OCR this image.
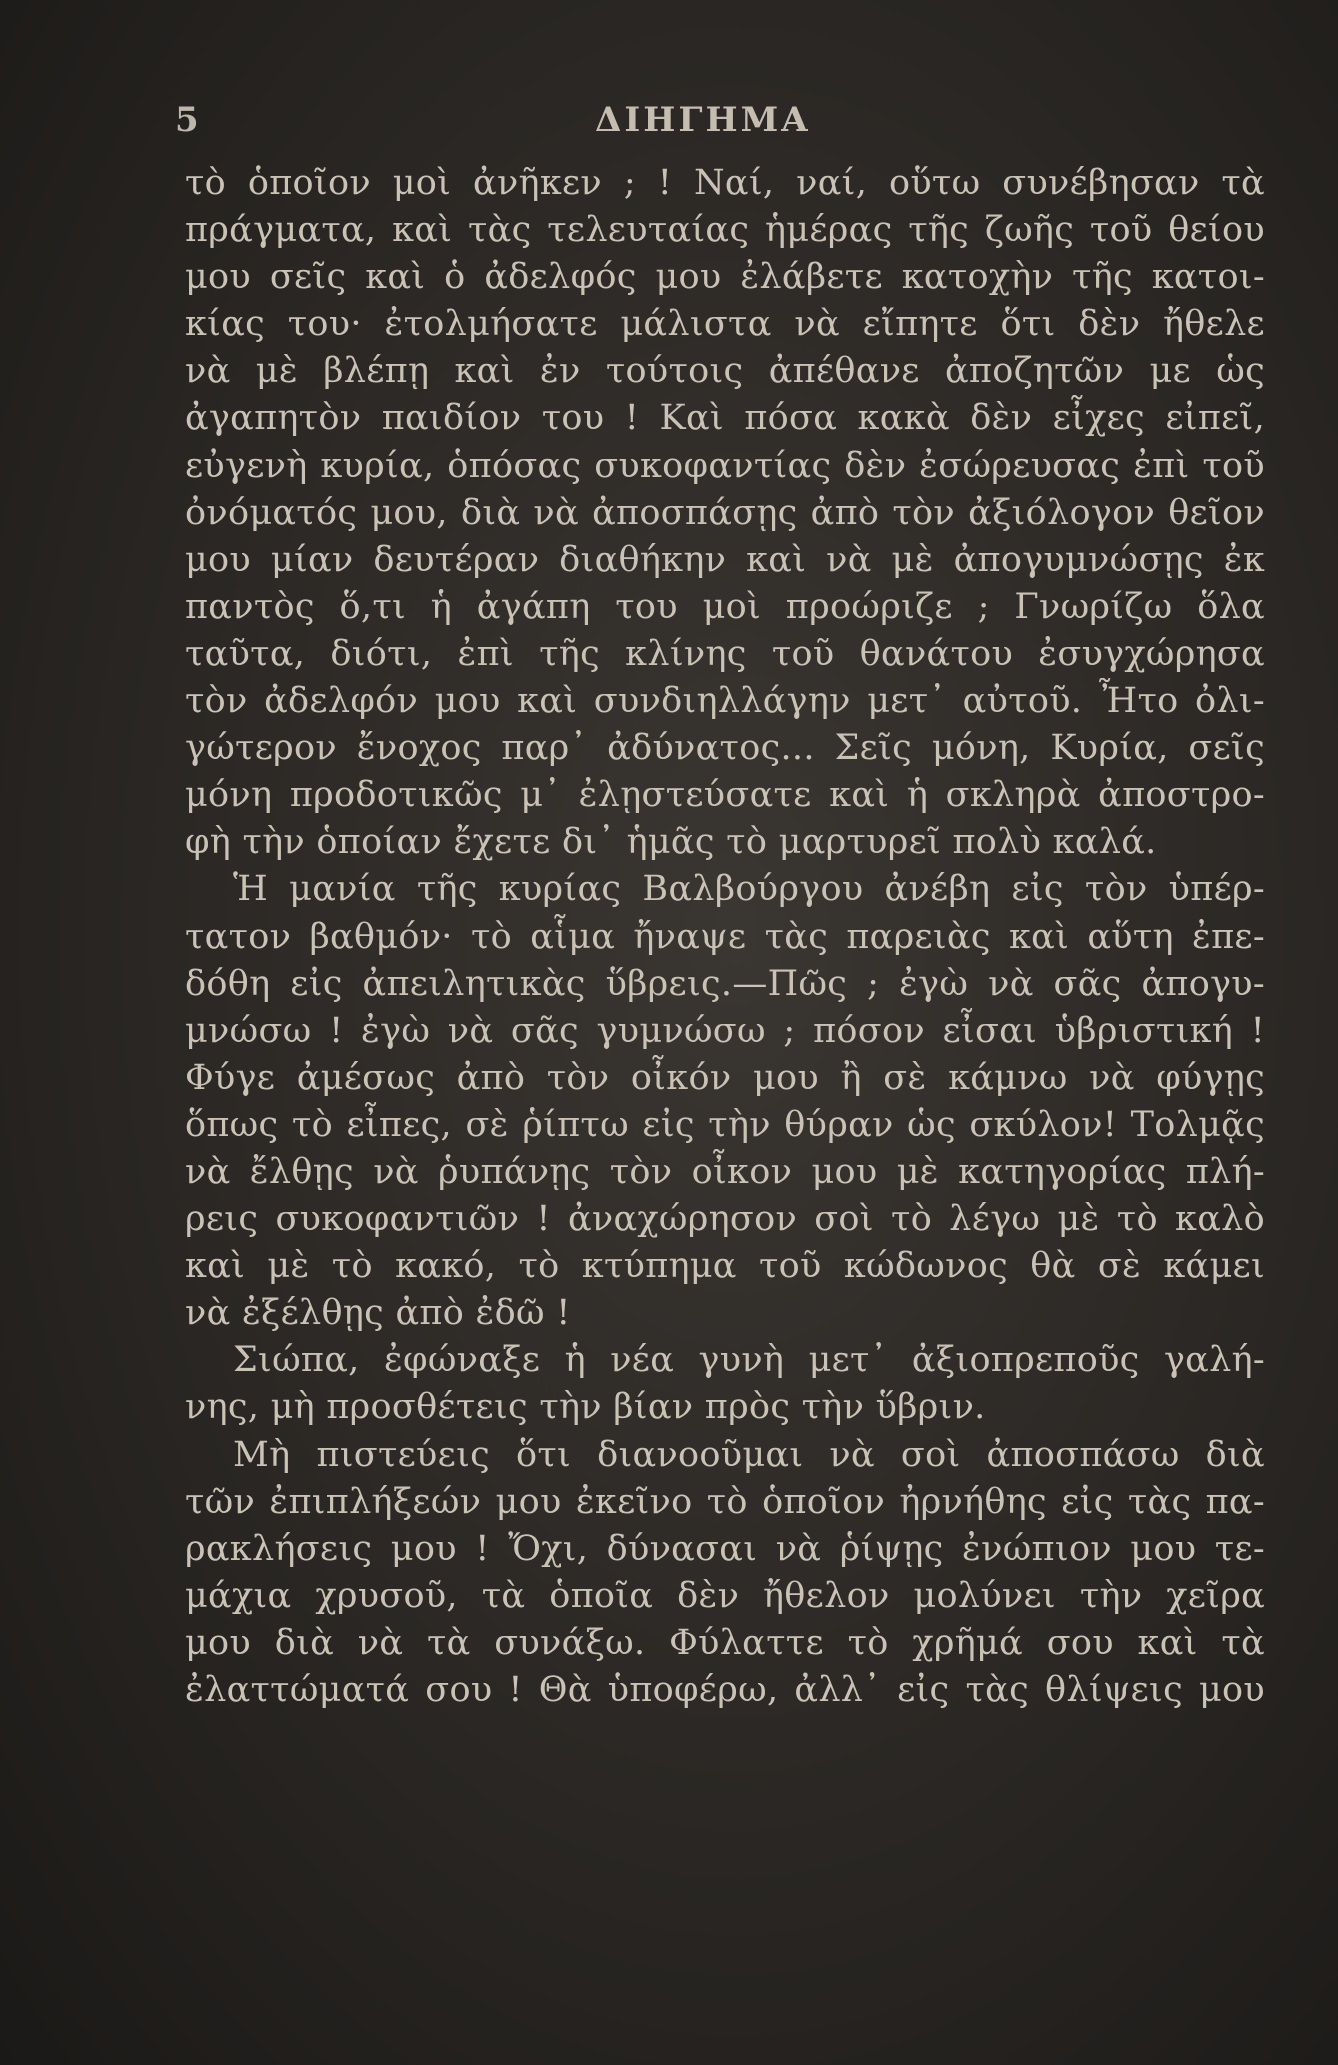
5	ΔΙΗΓΗΜΑ
τὸ ὁποῖον μοὶ ἀνῆκεν ; ! Ναί, ναί, οὕτω συνέβησαν τὰ
πράγματα, καὶ τὰς τελευταίας ἡμέρας τῆς ζωῆς τοῦ θείου
μου σεῖς καὶ ὁ ἀδελφός μου ἐλάβετε κατοχὴν τῆς κατοι-
κίας του· ἐτολμήσατε μάλιστα νὰ εἴπητε ὅτι δὲν ἤθελε
νὰ μὲ βλέπῃ καὶ ἐν τούτοις ἀπέθανε ἀποζητῶν με ὡς
ἀγαπητὸν παιδίον του ! Καὶ πόσα κακὰ δὲν εἶχες εἰπεῖ,
εὐγενὴ κυρία, ὁπόσας συκοφαντίας δὲν ἐσώρευσας ἐπὶ τοῦ
ὀνόματός μου, διὰ νὰ ἀποσπάσῃς ἀπὸ τὸν ἀξιόλογον θεῖον
μου μίαν δευτέραν διαθήκην καὶ νὰ μὲ ἀπογυμνώσῃς ἐκ
παντὸς ὅ,τι ἡ ἀγάπη του μοὶ προώριζε ; Γνωρίζω ὅλα
ταῦτα, διότι, ἐπὶ τῆς κλίνης τοῦ θανάτου ἐσυγχώρησα
τὸν ἀδελφόν μου καὶ συνδιηλλάγην μετ᾽ αὐτοῦ. Ἦτο ὀλι-
γώτερον ἔνοχος παρ᾽ ἀδύνατος... Σεῖς μόνη, Κυρία, σεῖς
μόνη προδοτικῶς μ᾽ ἐλῃστεύσατε καὶ ἡ σκληρὰ ἀποστρο-
φὴ τὴν ὁποίαν ἔχετε δι᾽ ἡμᾶς τὸ μαρτυρεῖ πολὺ καλά.
Ἡ μανία τῆς κυρίας Βαλβούργου ἀνέβη εἰς τὸν ὑπέρ-
τατον βαθμόν· τὸ αἷμα ἤναψε τὰς παρειὰς καὶ αὕτη ἐπε-
δόθη εἰς ἀπειλητικὰς ὕβρεις.—Πῶς ; ἐγὼ νὰ σᾶς ἀπογυ-
μνώσω ! ἐγὼ νὰ σᾶς γυμνώσω ; πόσον εἶσαι ὑβριστική !
Φύγε ἀμέσως ἀπὸ τὸν οἶκόν μου ἢ σὲ κάμνω νὰ φύγῃς
ὅπως τὸ εἶπες, σὲ ῥίπτω εἰς τὴν θύραν ὡς σκύλον! Τολμᾷς
νὰ ἔλθῃς νὰ ῥυπάνῃς τὸν οἶκον μου μὲ κατηγορίας πλή-
ρεις συκοφαντιῶν ! ἀναχώρησον σοὶ τὸ λέγω μὲ τὸ καλὸ
καὶ μὲ τὸ κακό, τὸ κτύπημα τοῦ κώδωνος θὰ σὲ κάμει
νὰ ἐξέλθῃς ἀπὸ ἐδῶ !
Σιώπα, ἐφώναξε ἡ νέα γυνὴ μετ᾽ ἀξιοπρεποῦς γαλή-
νης, μὴ προσθέτεις τὴν βίαν πρὸς τὴν ὕβριν.
Μὴ πιστεύεις ὅτι διανοοῦμαι νὰ σοὶ ἀποσπάσω διὰ
τῶν ἐπιπλήξεών μου ἐκεῖνο τὸ ὁποῖον ἠρνήθης εἰς τὰς πα-
ρακλήσεις μου ! Ὄχι, δύνασαι νὰ ῥίψῃς ἐνώπιον μου τε-
μάχια χρυσοῦ, τὰ ὁποῖα δὲν ἤθελον μολύνει τὴν χεῖρα
μου διὰ νὰ τὰ συνάξω. Φύλαττε τὸ χρῆμά σου καὶ τὰ
ἐλαττώματά σου ! Θὰ ὑποφέρω, ἀλλ᾽ εἰς τὰς θλίψεις μου
